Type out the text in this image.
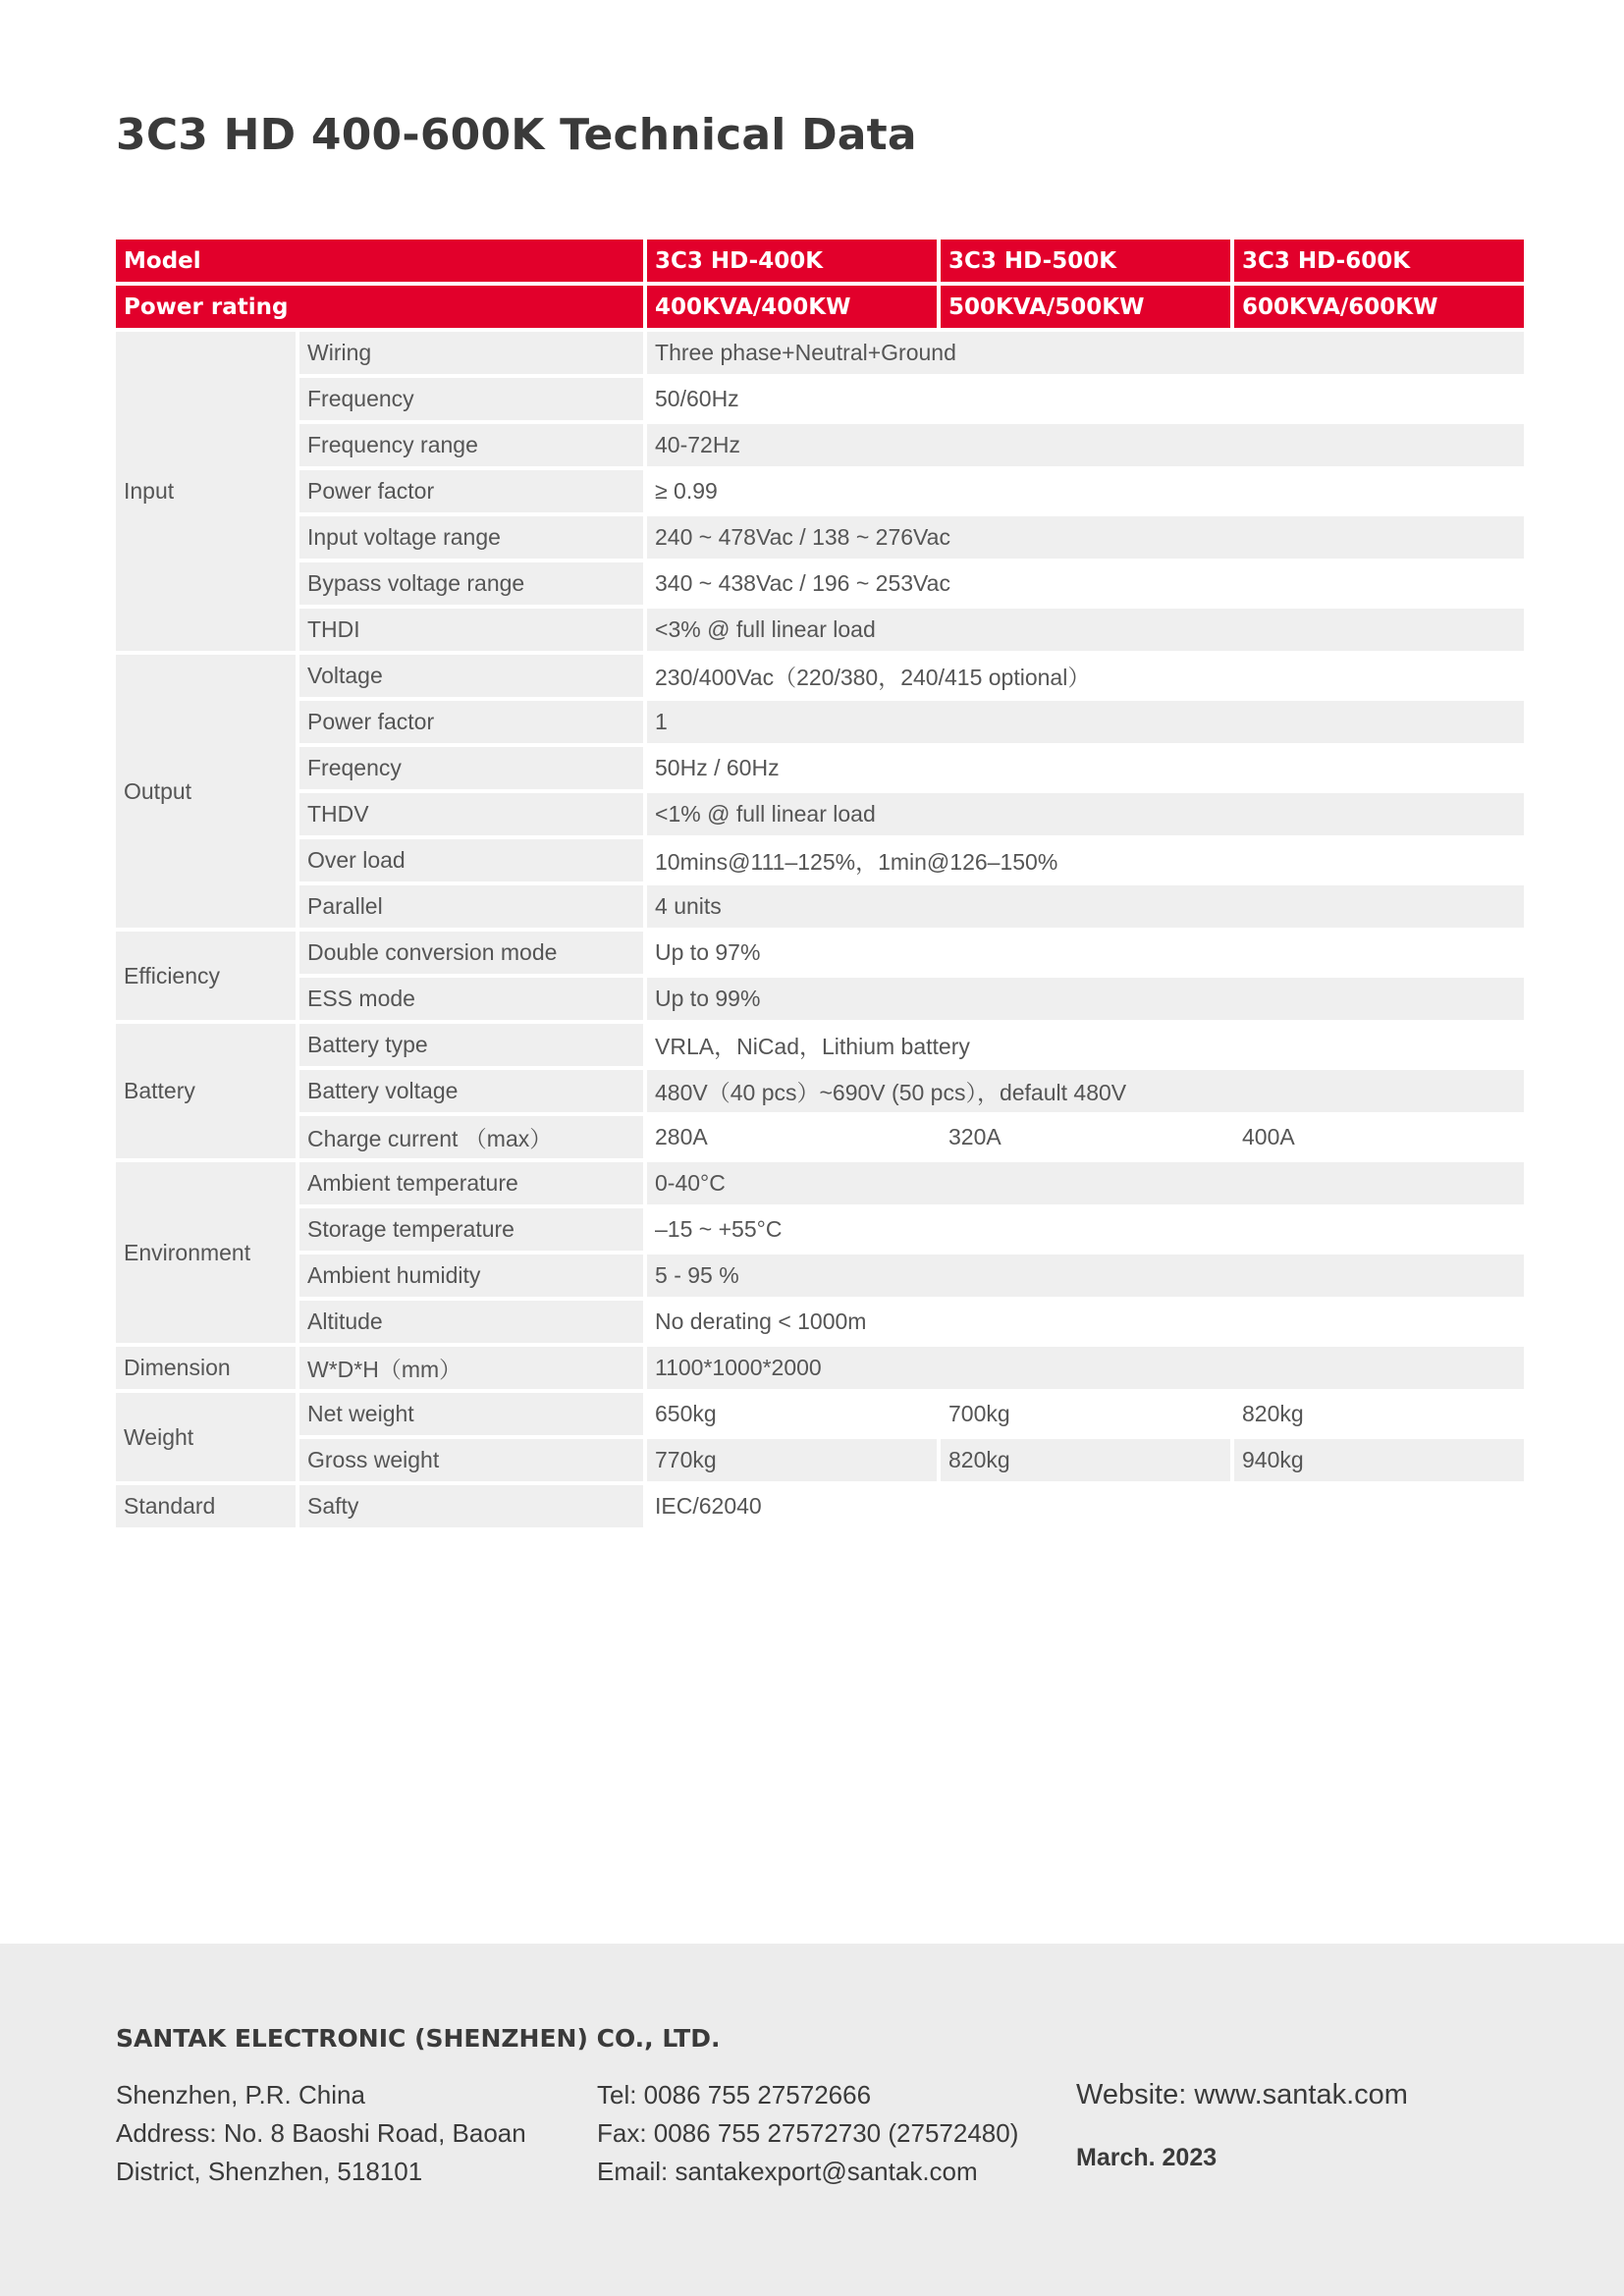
3C3 HD 400-600K Technical Data
Model		3C3 HD-400K	3C3 HD-500K	3C3 HD-600K
Power rating		400KVA/400KW	500KVA/500KW	600KVA/600KW
Input	Wiring	Three phase+Neutral+Ground		
	Frequency	50/60Hz		
	Frequency range	40-72Hz		
	Power factor	≥ 0.99		
	Input voltage range	240 ~ 478Vac / 138 ~ 276Vac		
	Bypass voltage range	340 ~ 438Vac / 196 ~ 253Vac		
	THDI	<3% @ full linear load		
Output	Voltage	230/400Vac（220/380，240/415 optional）		
	Power factor	1		
	Freqency	50Hz / 60Hz		
	THDV	<1% @ full linear load		
	Over load	10mins@111–125%，1min@126–150%		
	Parallel	4 units		
Efficiency	Double conversion mode	Up to 97%		
	ESS mode	Up to 99%		
Battery	Battery type	VRLA，NiCad，Lithium battery		
	Battery voltage	480V（40 pcs）~690V (50 pcs），default 480V		
	Charge current （max）	280A	320A	400A
Environment	Ambient temperature	0-40°C		
	Storage temperature	–15 ~ +55°C		
	Ambient humidity	5 - 95 %		
	Altitude	No derating < 1000m		
Dimension	W*D*H（mm）	1100*1000*2000		
Weight	Net weight	650kg	700kg	820kg
	Gross weight	770kg	820kg	940kg
Standard	Safty	IEC/62040		
SANTAK ELECTRONIC (SHENZHEN) CO., LTD.
Shenzhen, P.R. China
Address: No. 8 Baoshi Road, Baoan
District, Shenzhen, 518101
Tel: 0086 755 27572666
Fax: 0086 755 27572730 (27572480)
Email: santakexport@santak.com
Website: www.santak.com
March. 2023
